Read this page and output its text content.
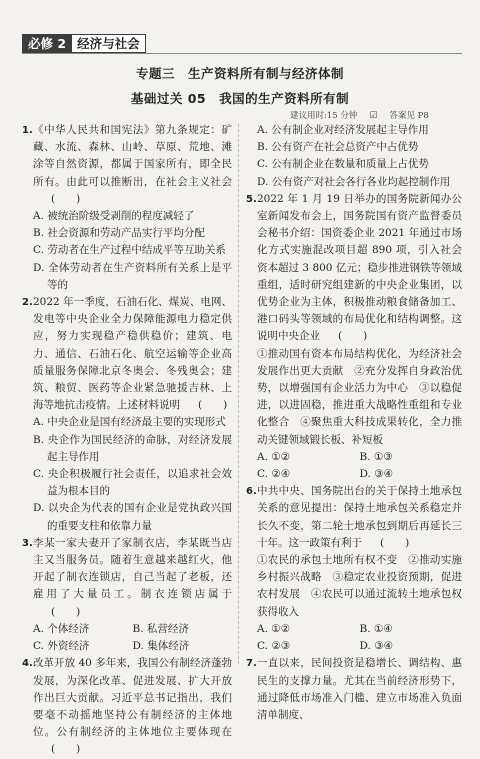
必修 2 经济与社会
专题三　生产资料所有制与经济体制
基础过关 05　我国的生产资料所有制
建议用时:15 分钟 ☑ 答案见 P8
1. 《中华人民共和国宪法》第九条规定：矿藏、水流、森林、山岭、草原、荒地、滩涂等自然资源，都属于国家所有，即全民所有。由此可以推断出，在社会主义社会(　　)
A. 被统治阶级受剥削的程度减轻了
B. 社会资源和劳动产品实行平均分配
C. 劳动者在生产过程中结成平等互助关系
D. 全体劳动者在生产资料所有关系上是平等的
2. 2022 年一季度，石油石化、煤炭、电网、发电等中央企业全力保障能源电力稳定供应，努力实现稳产稳供稳价；建筑、电力、通信、石油石化、航空运输等企业高质量服务保障北京冬奥会、冬残奥会；建筑、粮贸、医药等企业紧急驰援吉林、上海等地抗击疫情。上述材料说明 (　　)
A. 中央企业是国有经济最主要的实现形式
B. 央企作为国民经济的命脉，对经济发展起主导作用
C. 央企积极履行社会责任，以追求社会效益为根本目的
D. 以央企为代表的国有企业是党执政兴国的重要支柱和依靠力量
3. 李某一家夫妻开了家制衣店，李某既当店主又当服务员。随着生意越来越红火，他开起了制衣连锁店，自己当起了老板，还雇用了大量员工。制衣连锁店属于(　　)
A. 个体经济	B. 私营经济
C. 外资经济	D. 集体经济
4. 改革开放 40 多年来，我国公有制经济蓬勃发展，为深化改革、促进发展、扩大开放作出巨大贡献。习近平总书记指出，我们要毫不动摇地坚持公有制经济的主体地位。公有制经济的主体地位主要体现在(　　)
A. 公有制企业对经济发展起主导作用
B. 公有资产在社会总资产中占优势
C. 公有制企业在数量和质量上占优势
D. 公有资产对社会各行各业均起控制作用
5. 2022 年 1 月 19 日举办的国务院新闻办公室新闻发布会上，国务院国有资产监督委员会秘书介绍：国资委企业 2021 年通过市场化方式实施混改项目超 890 项，引入社会资本超过 3 800 亿元；稳步推进钢铁等领域重组，适时研究组建新的中央企业集团，以优势企业为主体，积极推动粮食储备加工、港口码头等领域的布局优化和结构调整。这说明中央企业 (　　)
①推动国有资本布局结构优化，为经济社会发展作出更大贡献　②充分发挥自身政治优势，以增强国有企业活力为中心　③以稳促进，以进固稳，推进重大战略性重组和专业化整合　④聚焦重大科技成果转化，全力推动关键领域锻长板、补短板
A. ①②	B. ①③
C. ②④	D. ③④
6. 中共中央、国务院出台的关于保持土地承包关系的意见提出：保持土地承包关系稳定并长久不变，第二轮土地承包到期后再延长三十年。这一政策有利于 (　　)
①农民的承包土地所有权不变　②推动实施乡村振兴战略　③稳定农业投资预期，促进农村发展　④农民可以通过流转土地承包权获得收入
A. ①②	B. ①④
C. ②③	D. ③④
7. 一直以来，民间投资是稳增长、调结构、惠民生的支撑力量。尤其在当前经济形势下，通过降低市场准入门槛、建立市场准入负面清单制度、
